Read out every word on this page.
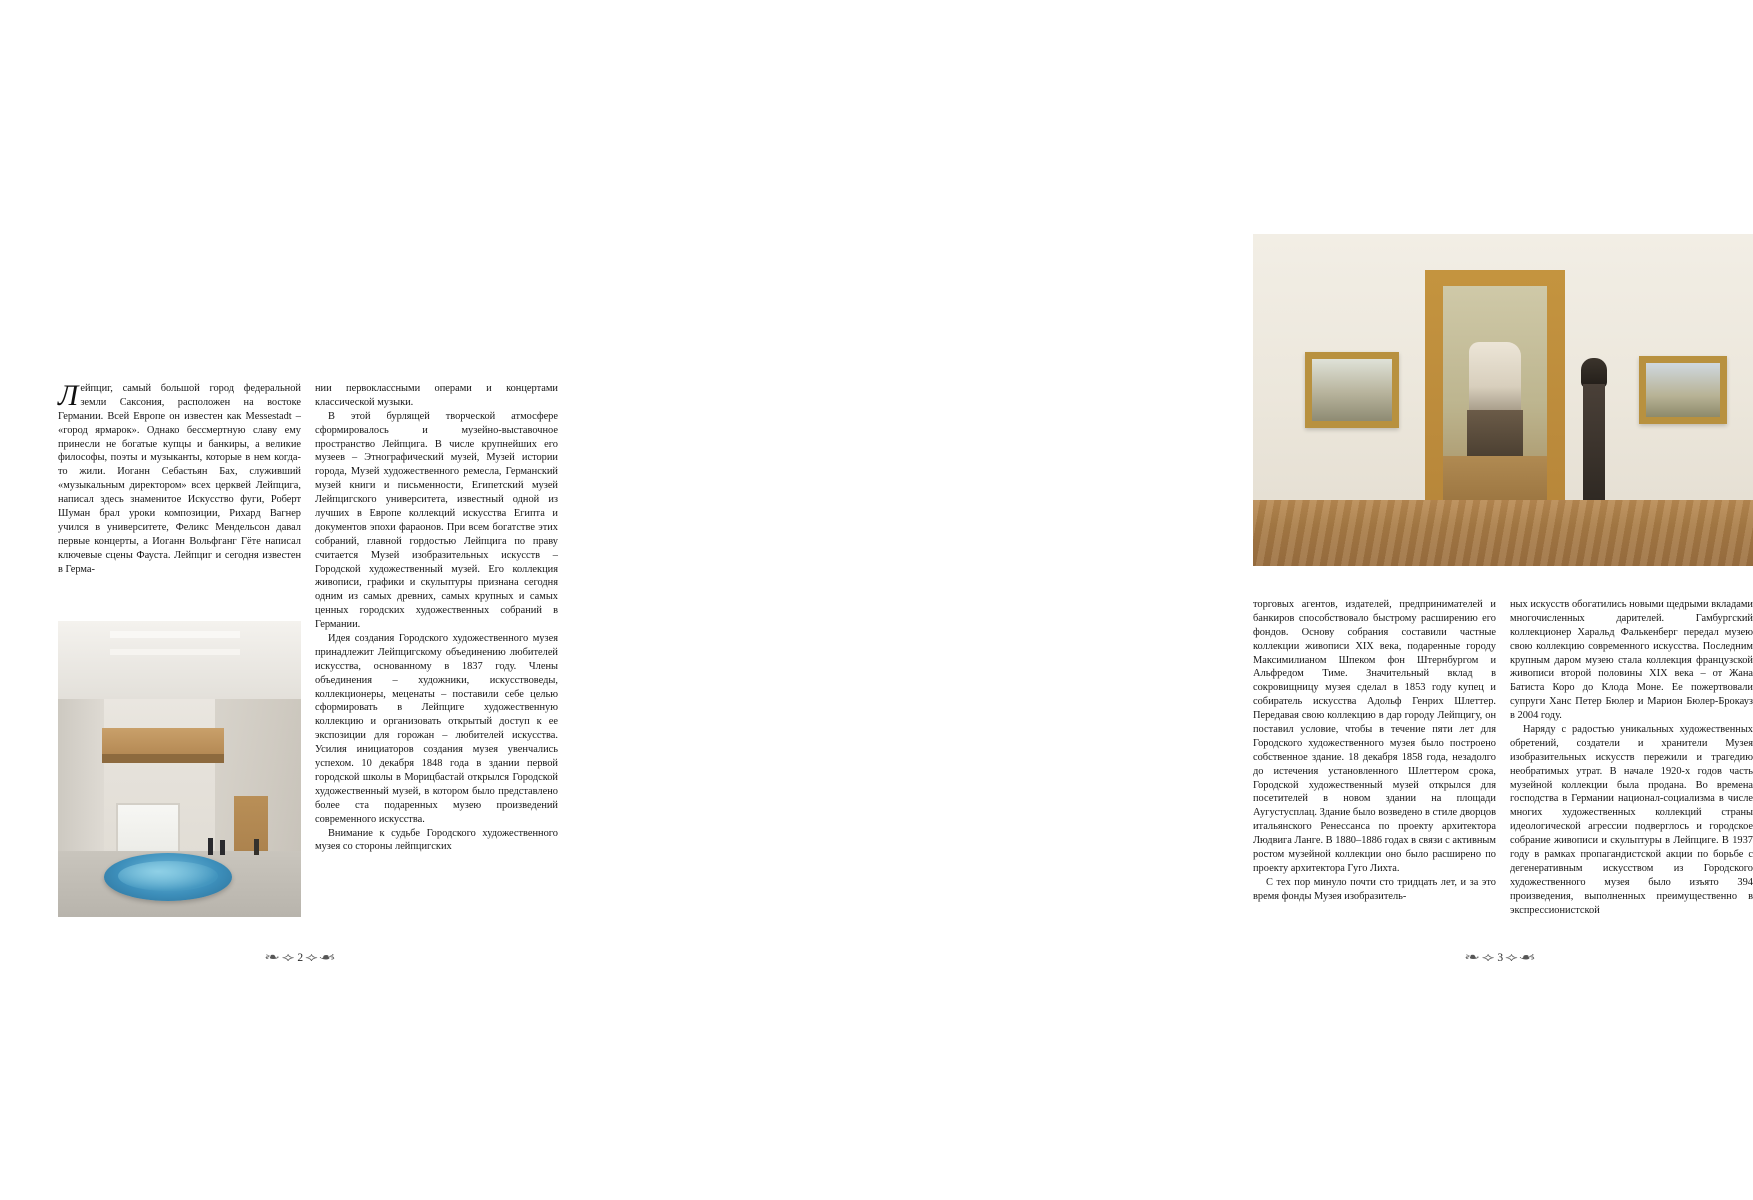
Лейпциг, самый большой город федеральной земли Саксония, расположен на востоке Германии. Всей Европе он известен как Messestadt – «город ярмарок». Однако бессмертную славу ему принесли не богатые купцы и банкиры, а великие философы, поэты и музыканты, которые в нем когда-то жили. Иоганн Себастьян Бах, служивший «музыкальным директором» всех церквей Лейпцига, написал здесь знаменитое Искусство фуги, Роберт Шуман брал уроки композиции, Рихард Вагнер учился в университете, Феликс Мендельсон давал первые концерты, а Иоганн Вольфганг Гёте написал ключевые сцены Фауста. Лейпциг и сегодня известен в Герма-

нии первоклассными операми и концертами классической музыки.

В этой бурлящей творческой атмосфере сформировалось и музейно-выставочное пространство Лейпцига. В числе крупнейших его музеев – Этнографический музей, Музей истории города, Музей художественного ремесла, Германский музей книги и письменности, Египетский музей Лейпцигского университета, известный одной из лучших в Европе коллекций искусства Египта и документов эпохи фараонов. При всем богатстве этих собраний, главной гордостью Лейпцига по праву считается Музей изобразительных искусств – Городской художественный музей. Его коллекция живописи, графики и скульптуры признана сегодня одним из самых древних, самых крупных и самых ценных городских художественных собраний в Германии.

Идея создания Городского художественного музея принадлежит Лейпцигскому объединению любителей искусства, основанному в 1837 году. Члены объединения – художники, искусствоведы, коллекционеры, меценаты – поставили себе целью сформировать в Лейпциге художественную коллекцию и организовать открытый доступ к ее экспозиции для горожан – любителей искусства. Усилия инициаторов создания музея увенчались успехом. 10 декабря 1848 года в здании первой городской школы в Морицбастай открылся Городской художественный музей, в котором было представлено более ста подаренных музею произведений современного искусства.

Внимание к судьбе Городского художественного музея со стороны лейпцигских

❧⟡2⟡☙

торговых агентов, издателей, предпринимателей и банкиров способствовало быстрому расширению его фондов. Основу собрания составили частные коллекции живописи XIX века, подаренные городу Максимилианом Шпеком фон Штернбургом и Альфредом Тиме. Значительный вклад в сокровищницу музея сделал в 1853 году купец и собиратель искусства Адольф Генрих Шлеттер. Передавая свою коллекцию в дар городу Лейпцигу, он поставил условие, чтобы в течение пяти лет для Городского художественного музея было построено собственное здание. 18 декабря 1858 года, незадолго до истечения установленного Шлеттером срока, Городской художественный музей открылся для посетителей в новом здании на площади Аугустусплац. Здание было возведено в стиле дворцов итальянского Ренессанса по проекту архитектора Людвига Ланге. В 1880–1886 годах в связи с активным ростом музейной коллекции оно было расширено по проекту архитектора Гуго Лихта.

С тех пор минуло почти сто тридцать лет, и за это время фонды Музея изобразитель-

ных искусств обогатились новыми щедрыми вкладами многочисленных дарителей. Гамбургский коллекционер Харальд Фалькенберг передал музею свою коллекцию современного искусства. Последним крупным даром музею стала коллекция французской живописи второй половины XIX века – от Жана Батиста Коро до Клода Моне. Ее пожертвовали супруги Ханс Петер Бюлер и Марион Бюлер-Брокауз в 2004 году.

Наряду с радостью уникальных художественных обретений, создатели и хранители Музея изобразительных искусств пережили и трагедию необратимых утрат. В начале 1920-х годов часть музейной коллекции была продана. Во времена господства в Германии национал-социализма в числе многих художественных коллекций страны идеологической агрессии подверглось и городское собрание живописи и скульптуры в Лейпциге. В 1937 году в рамках пропагандистской акции по борьбе с дегенеративным искусством из Городского художественного музея было изъято 394 произведения, выполненных преимущественно в экспрессионистской

❧⟡3⟡☙
